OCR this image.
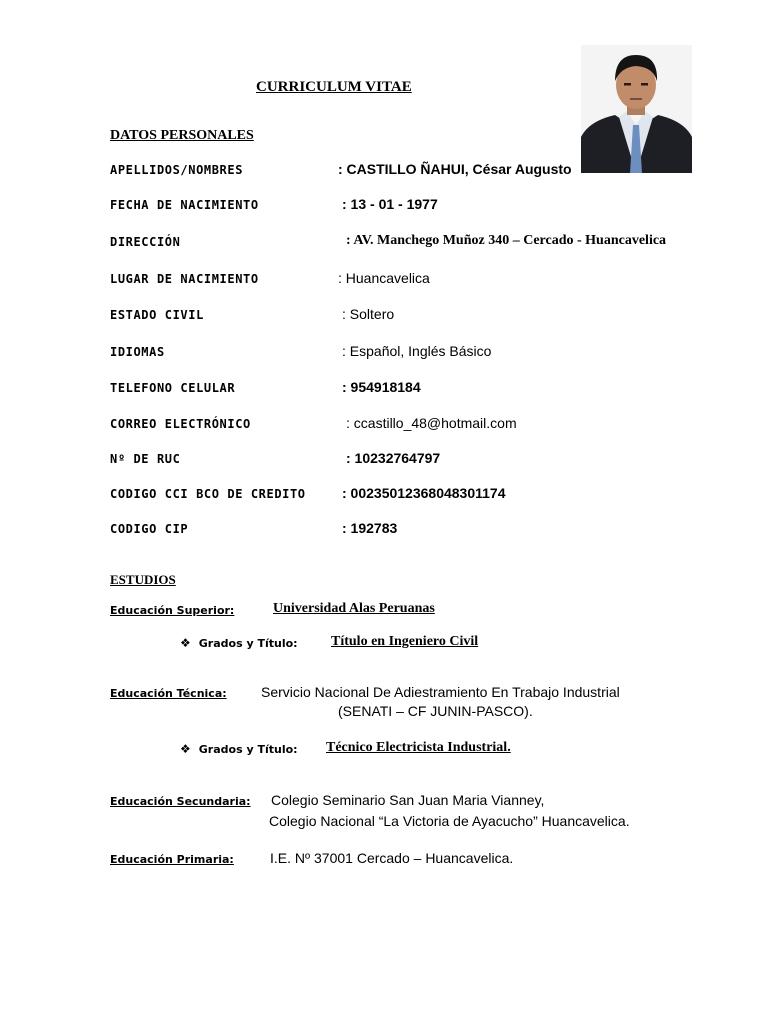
CURRICULUM VITAE
DATOS PERSONALES
APELLIDOS/NOMBRES	: CASTILLO ÑAHUI, César Augusto
FECHA DE NACIMIENTO	: 13 - 01 - 1977
DIRECCIÓN	: AV. Manchego Muñoz 340 – Cercado - Huancavelica
LUGAR DE NACIMIENTO	: Huancavelica
ESTADO CIVIL	: Soltero
IDIOMAS	: Español, Inglés Básico
TELEFONO CELULAR	: 954918184
CORREO ELECTRÓNICO	: ccastillo_48@hotmail.com
Nº DE RUC	: 10232764797
CODIGO CCI BCO DE CREDITO	: 00235012368048301174
CODIGO CIP	: 192783
ESTUDIOS
Educación Superior:	Universidad Alas Peruanas
❖ Grados y Título: Título en Ingeniero Civil
Educación Técnica: Servicio Nacional De Adiestramiento En Trabajo Industrial
(SENATI – CF JUNIN-PASCO).
❖ Grados y Título: Técnico Electricista Industrial.
Educación Secundaria: Colegio Seminario San Juan Maria Vianney,
Colegio Nacional “La Victoria de Ayacucho” Huancavelica.
Educación Primaria:	I.E. Nº 37001 Cercado – Huancavelica.
